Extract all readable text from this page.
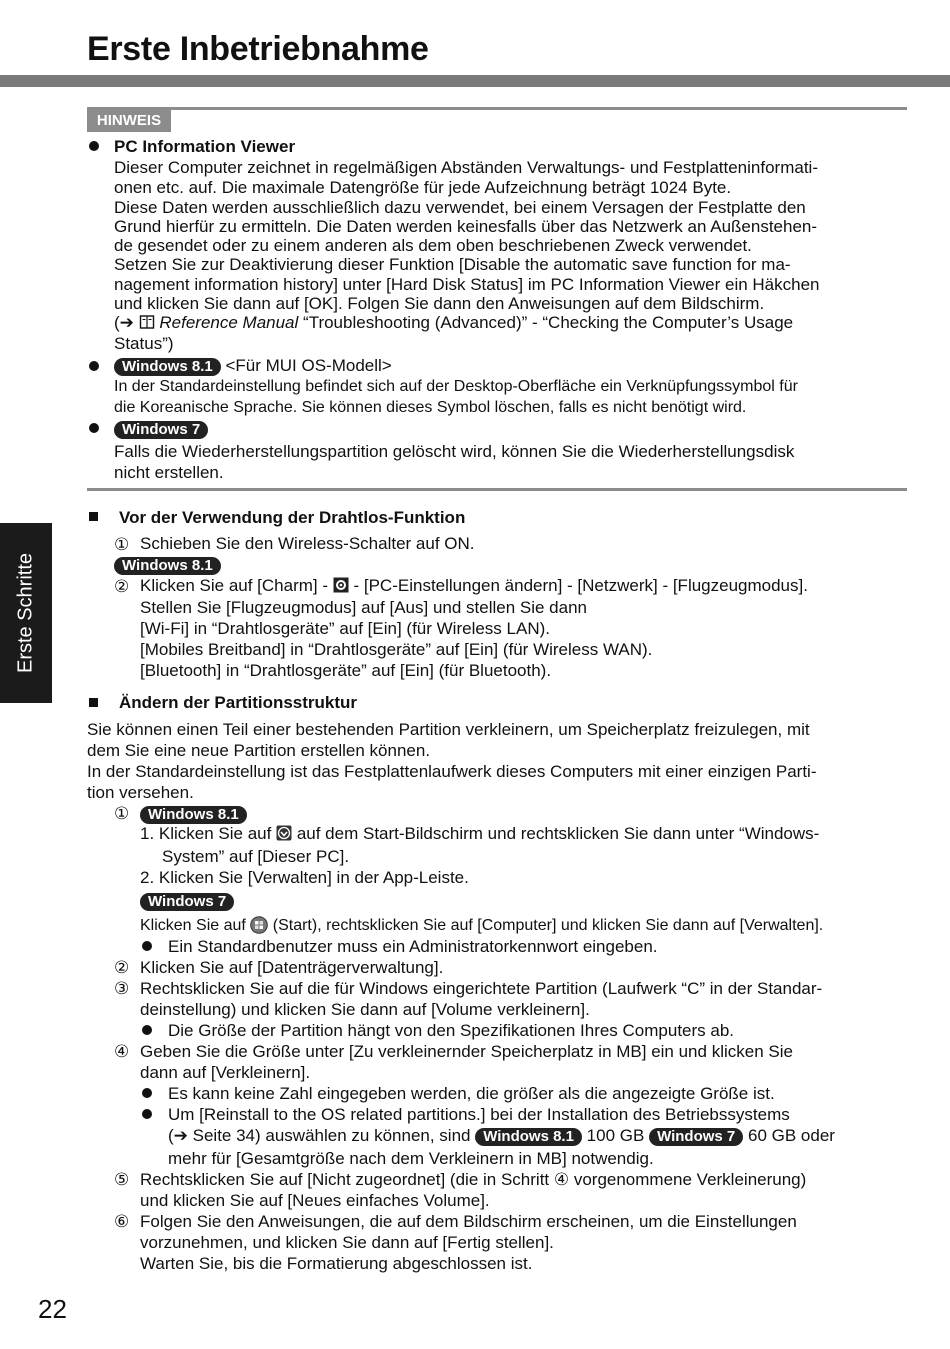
Erste Inbetriebnahme
Erste Schritte
HINWEIS
PC Information Viewer
Dieser Computer zeichnet in regelmäßigen Abständen Verwaltungs- und Festplatteninformati-
onen etc. auf. Die maximale Datengröße für jede Aufzeichnung beträgt 1024 Byte.
Diese Daten werden ausschließlich dazu verwendet, bei einem Versagen der Festplatte den
Grund hierfür zu ermitteln. Die Daten werden keinesfalls über das Netzwerk an Außenstehen-
de gesendet oder zu einem anderen als dem oben beschriebenen Zweck verwendet.
Setzen Sie zur Deaktivierung dieser Funktion [Disable the automatic save function for ma-
nagement information history] unter [Hard Disk Status] im PC Information Viewer ein Häkchen
und klicken Sie dann auf [OK]. Folgen Sie dann den Anweisungen auf dem Bildschirm.
(➔ Reference Manual “Troubleshooting (Advanced)” - “Checking the Computer’s Usage
Status”)
Windows 8.1 <Für MUI OS-Modell>
In der Standardeinstellung befindet sich auf der Desktop-Oberfläche ein Verknüpfungssymbol für
die Koreanische Sprache. Sie können dieses Symbol löschen, falls es nicht benötigt wird.
Windows 7
Falls die Wiederherstellungspartition gelöscht wird, können Sie die Wiederherstellungsdisk
nicht erstellen.
Vor der Verwendung der Drahtlos-Funktion
① Schieben Sie den Wireless-Schalter auf ON.
Windows 8.1
② Klicken Sie auf [Charm] - - [PC-Einstellungen ändern] - [Netzwerk] - [Flugzeugmodus].
Stellen Sie [Flugzeugmodus] auf [Aus] und stellen Sie dann
[Wi-Fi] in “Drahtlosgeräte” auf [Ein] (für Wireless LAN).
[Mobiles Breitband] in “Drahtlosgeräte” auf [Ein] (für Wireless WAN).
[Bluetooth] in “Drahtlosgeräte” auf [Ein] (für Bluetooth).
Ändern der Partitionsstruktur
Sie können einen Teil einer bestehenden Partition verkleinern, um Speicherplatz freizulegen, mit
dem Sie eine neue Partition erstellen können.
In der Standardeinstellung ist das Festplattenlaufwerk dieses Computers mit einer einzigen Parti-
tion versehen.
①	Windows 8.1
1. Klicken Sie auf auf dem Start-Bildschirm und rechtsklicken Sie dann unter “Windows-
System” auf [Dieser PC].
2. Klicken Sie [Verwalten] in der App-Leiste.
Windows 7
Klicken Sie auf (Start), rechtsklicken Sie auf [Computer] und klicken Sie dann auf [Verwalten].
Ein Standardbenutzer muss ein Administratorkennwort eingeben.
② Klicken Sie auf [Datenträgerverwaltung].
③ Rechtsklicken Sie auf die für Windows eingerichtete Partition (Laufwerk “C” in der Standar-
deinstellung) und klicken Sie dann auf [Volume verkleinern].
Die Größe der Partition hängt von den Spezifikationen Ihres Computers ab.
④ Geben Sie die Größe unter [Zu verkleinernder Speicherplatz in MB] ein und klicken Sie
dann auf [Verkleinern].
Es kann keine Zahl eingegeben werden, die größer als die angezeigte Größe ist.
Um [Reinstall to the OS related partitions.] bei der Installation des Betriebssystems
(➔ Seite 34) auswählen zu können, sind Windows 8.1 100 GB Windows 7 60 GB oder
mehr für [Gesamtgröße nach dem Verkleinern in MB] notwendig.
⑤ Rechtsklicken Sie auf [Nicht zugeordnet] (die in Schritt ④ vorgenommene Verkleinerung)
und klicken Sie auf [Neues einfaches Volume].
⑥ Folgen Sie den Anweisungen, die auf dem Bildschirm erscheinen, um die Einstellungen
vorzunehmen, und klicken Sie dann auf [Fertig stellen].
Warten Sie, bis die Formatierung abgeschlossen ist.
22
